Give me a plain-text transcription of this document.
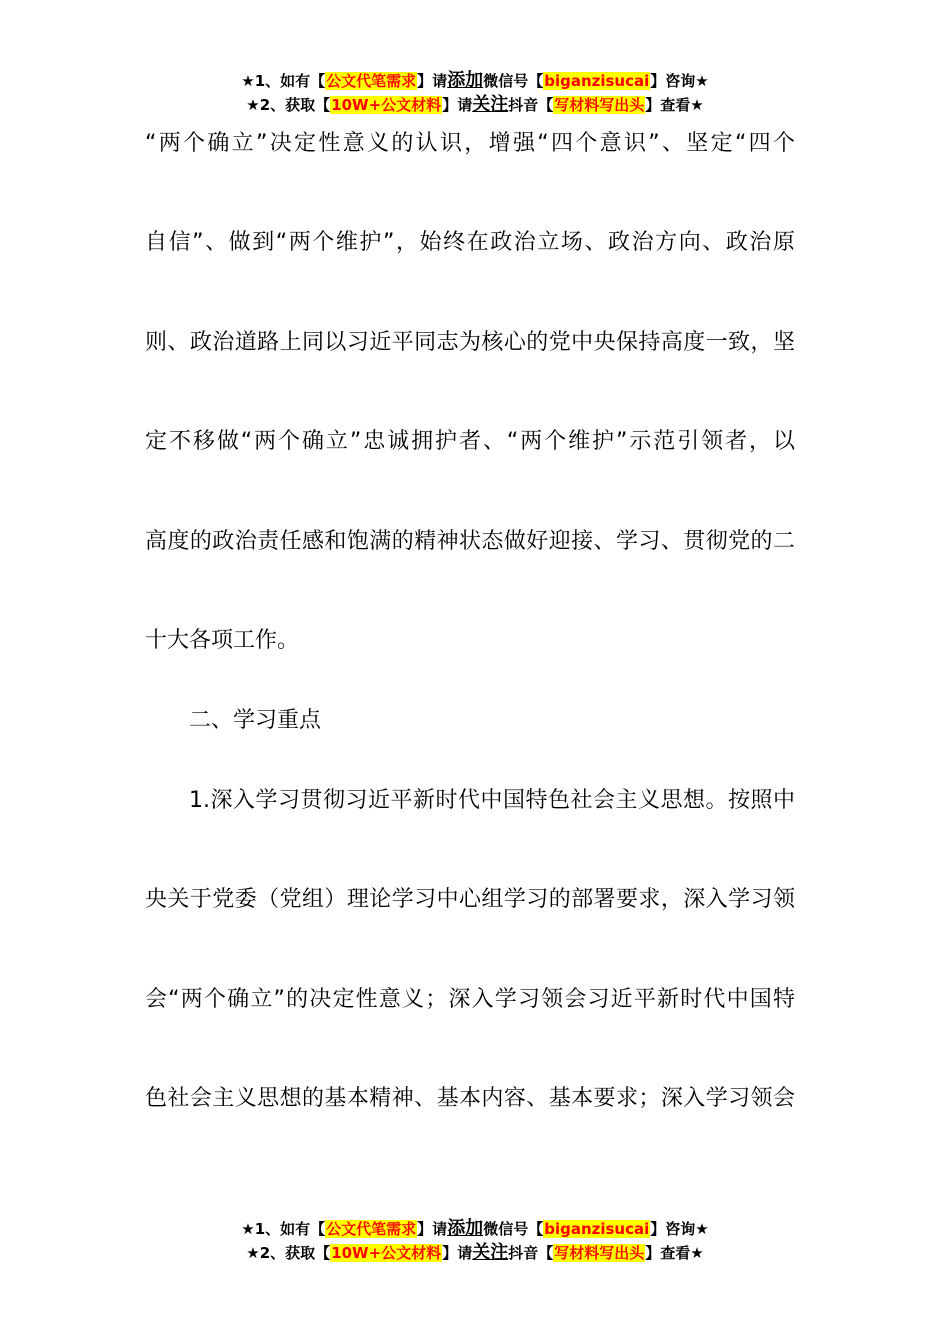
★1、如有【公文代笔需求】请添加微信号【biganzisucai】咨询★
★2、获取【10W+公文材料】请关注抖音【写材料写出头】查看★
“两个确立”决定性意义的认识，增强“四个意识”、坚定“四个
自信”、做到“两个维护”，始终在政治立场、政治方向、政治原
则、政治道路上同以习近平同志为核心的党中央保持高度一致，坚
定不移做“两个确立”忠诚拥护者、“两个维护”示范引领者，以
高度的政治责任感和饱满的精神状态做好迎接、学习、贯彻党的二
十大各项工作。
二、学习重点
1.深入学习贯彻习近平新时代中国特色社会主义思想。按照中
央关于党委（党组）理论学习中心组学习的部署要求，深入学习领
会“两个确立”的决定性意义；深入学习领会习近平新时代中国特
色社会主义思想的基本精神、基本内容、基本要求；深入学习领会
★1、如有【公文代笔需求】请添加微信号【biganzisucai】咨询★
★2、获取【10W+公文材料】请关注抖音【写材料写出头】查看★
